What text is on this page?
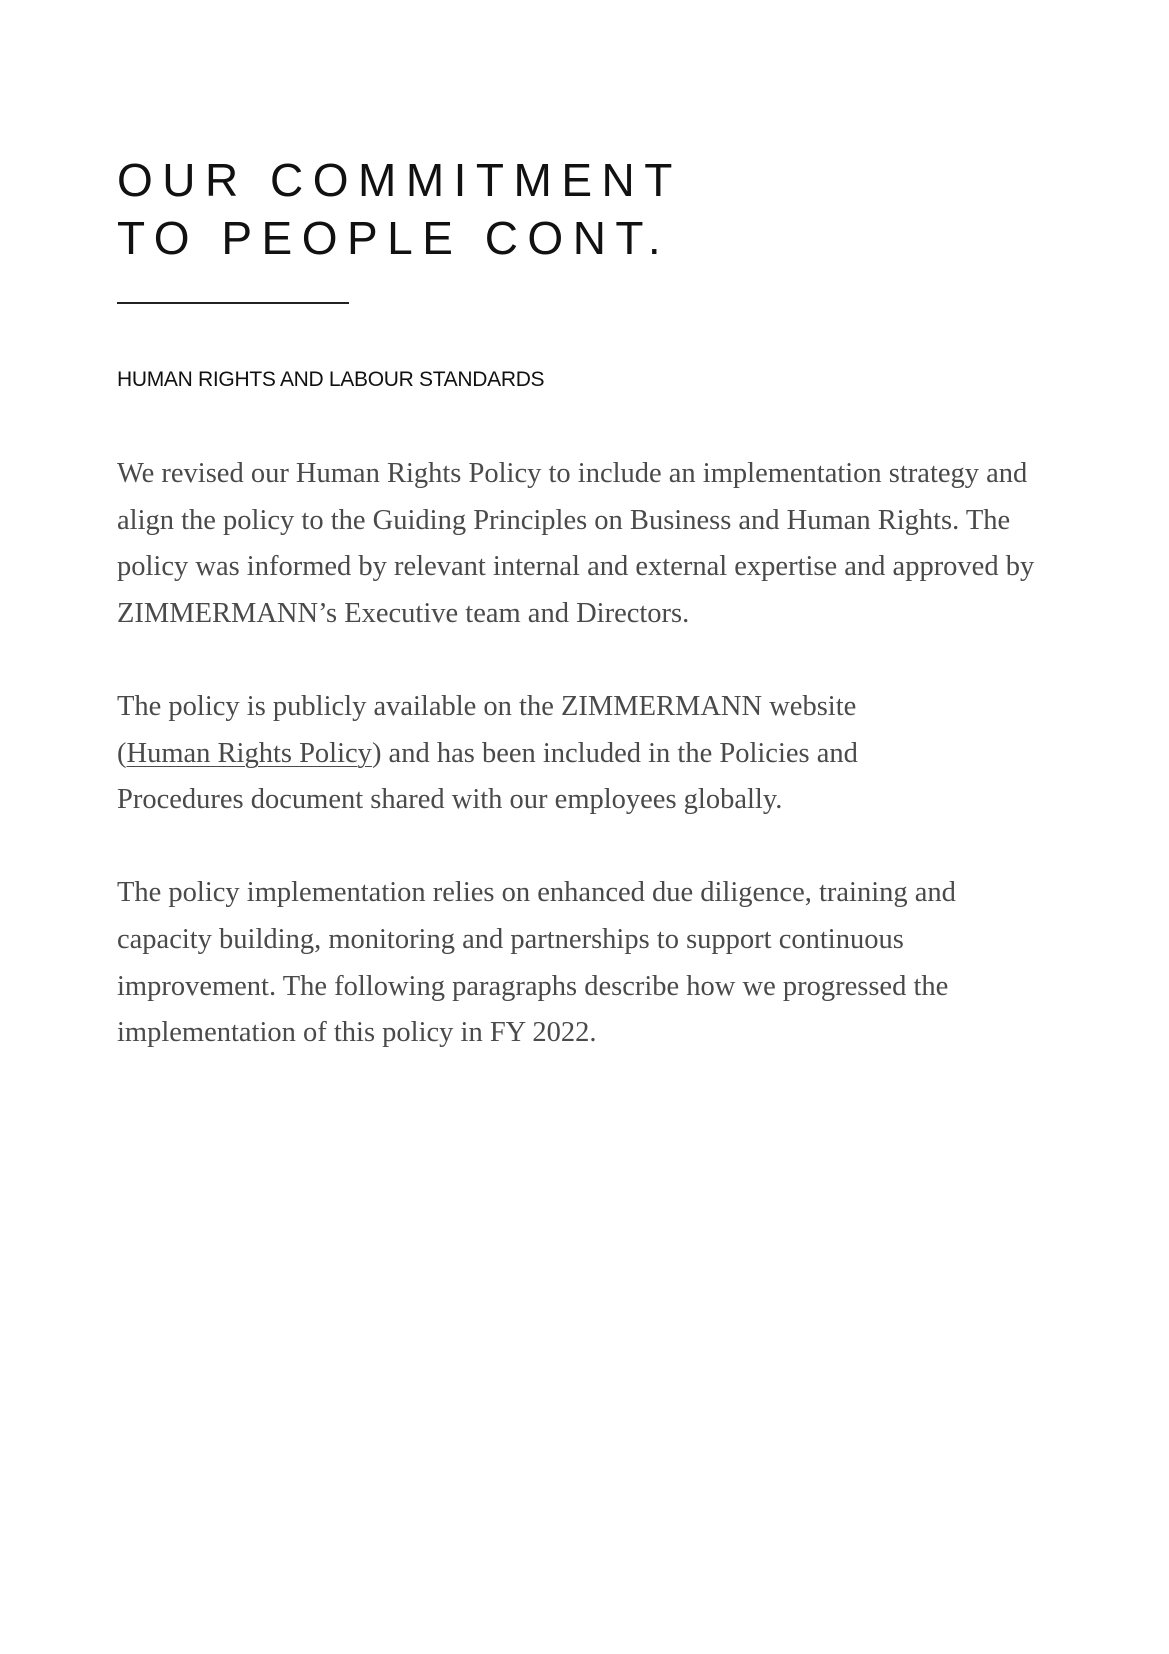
OUR COMMITMENT
TO PEOPLE CONT.
HUMAN RIGHTS AND LABOUR STANDARDS

We revised our Human Rights Policy to include an implementation strategy and
align the policy to the Guiding Principles on Business and Human Rights. The
policy was informed by relevant internal and external expertise and approved by
ZIMMERMANN’s Executive team and Directors.

The policy is publicly available on the ZIMMERMANN website
(Human Rights Policy) and has been included in the Policies and
Procedures document shared with our employees globally.

The policy implementation relies on enhanced due diligence, training and
capacity building, monitoring and partnerships to support continuous
improvement. The following paragraphs describe how we progressed the
implementation of this policy in FY 2022.
